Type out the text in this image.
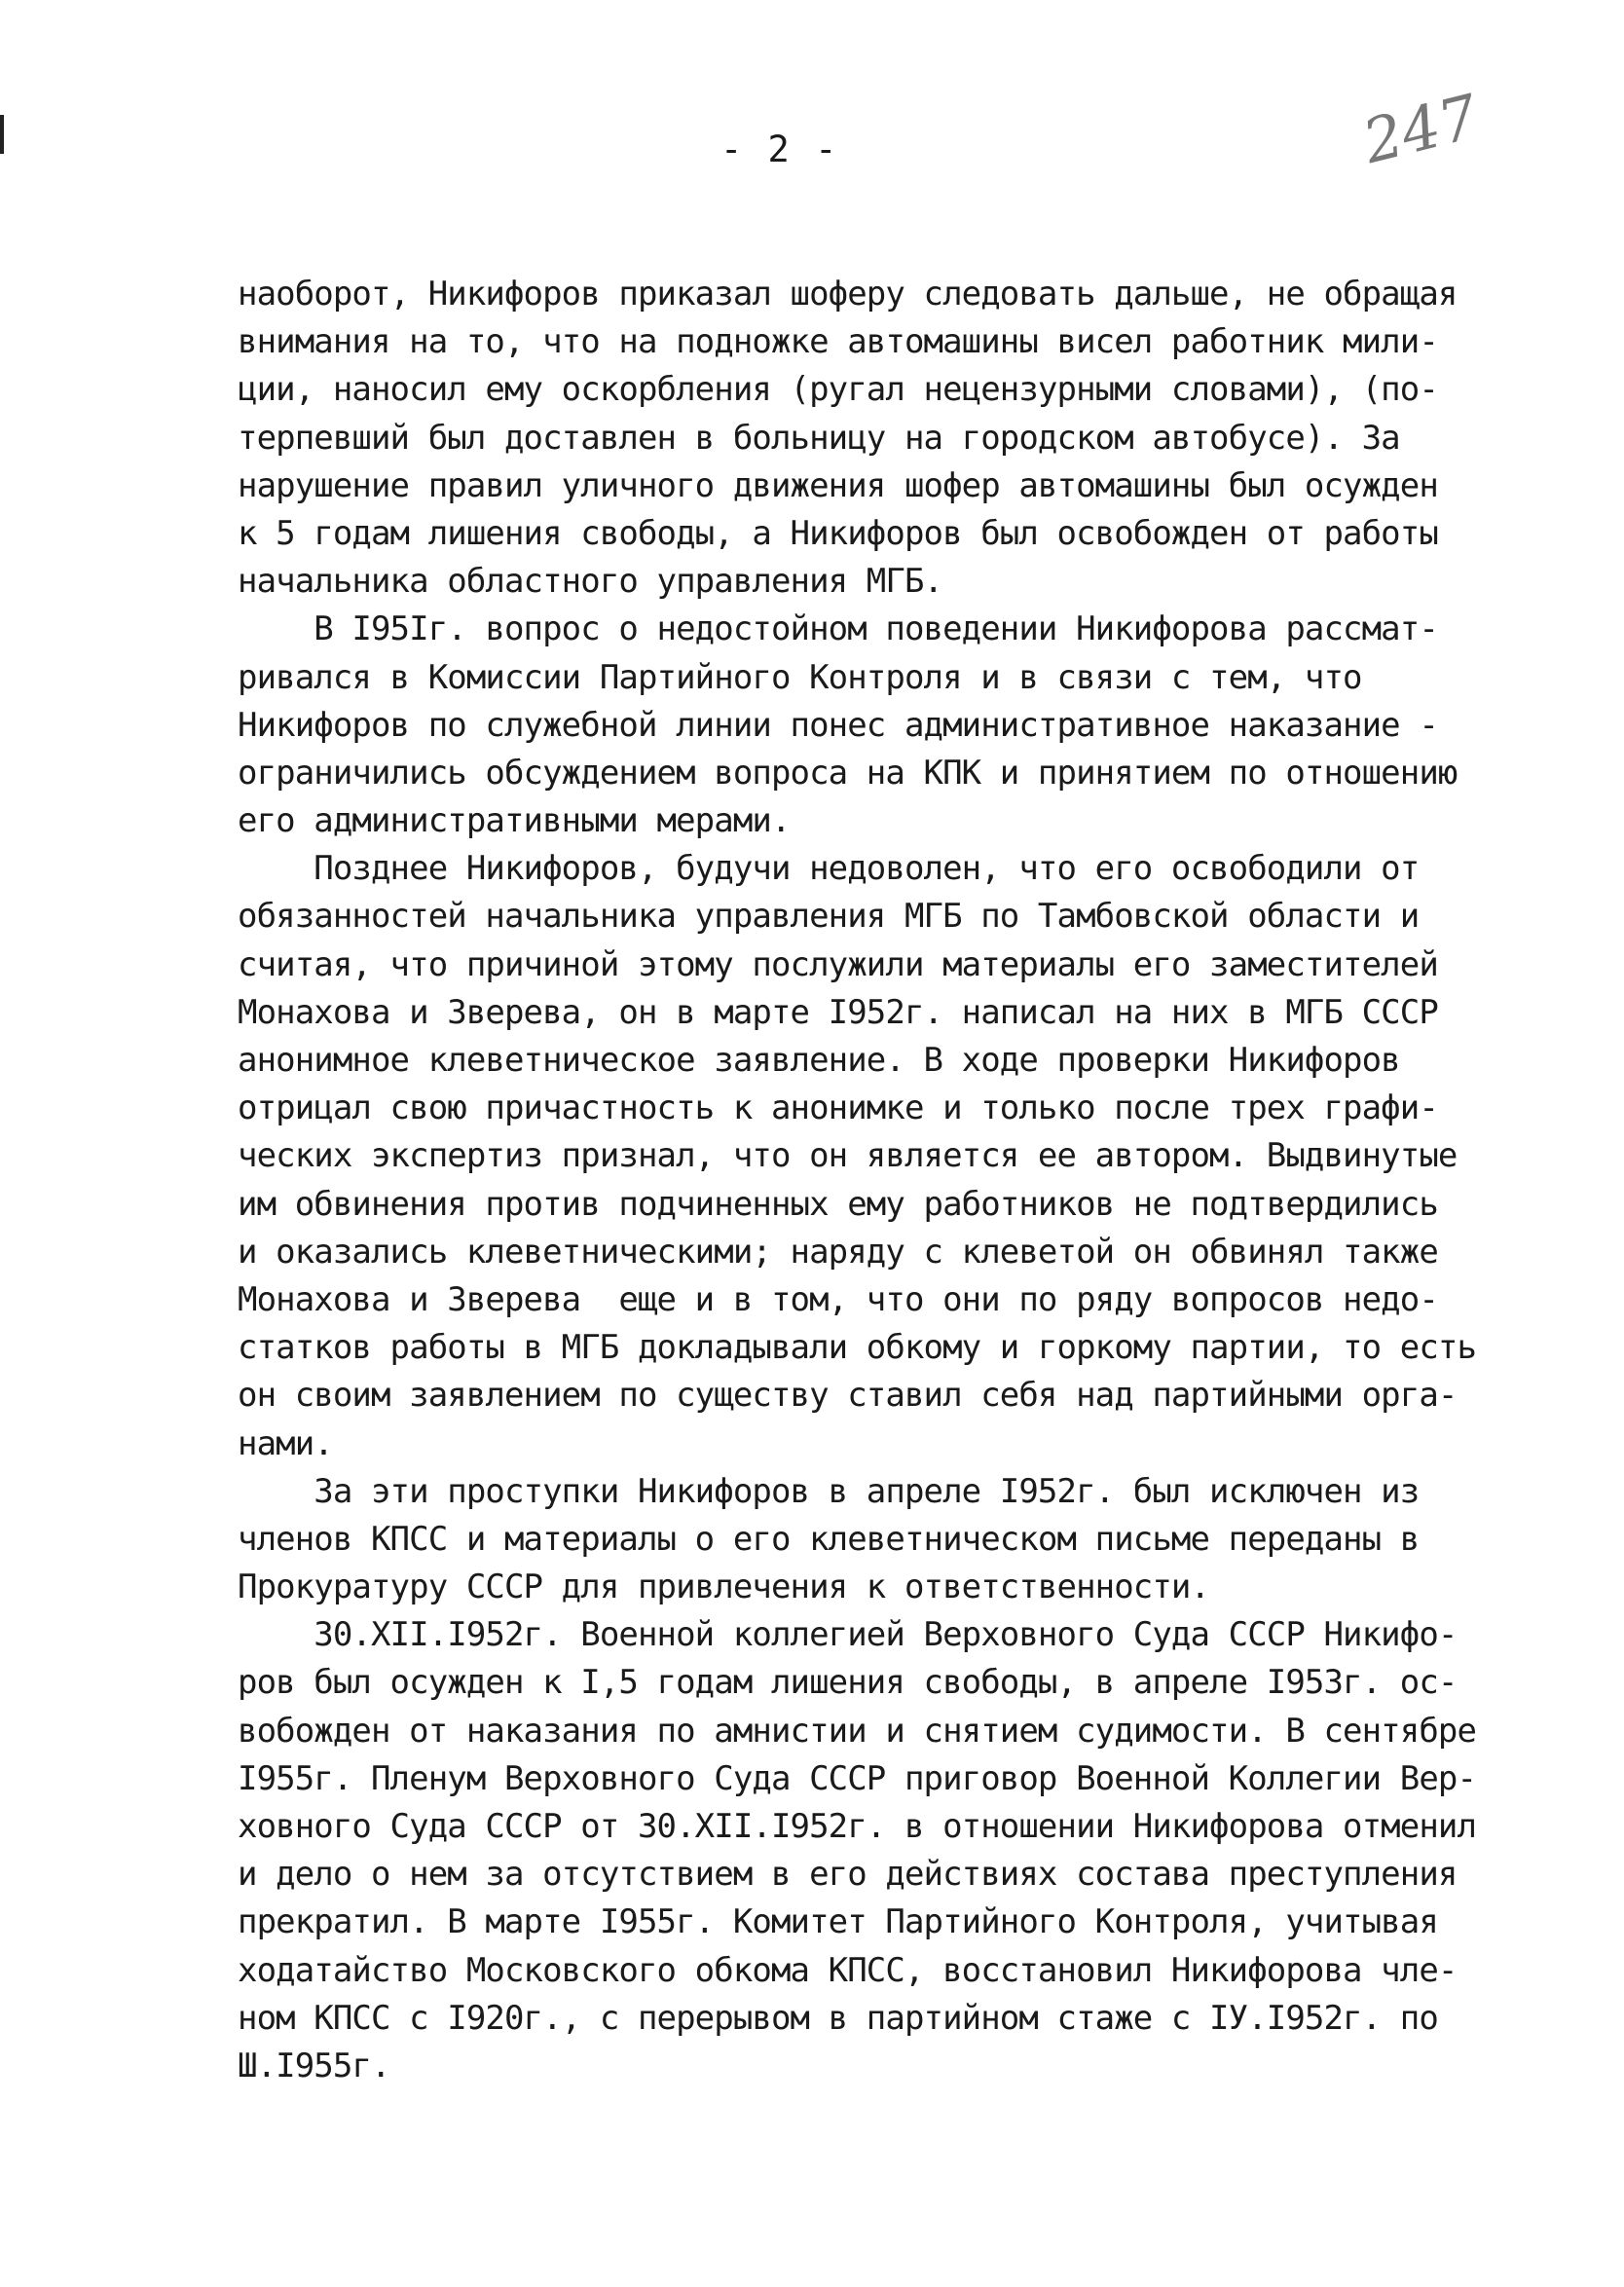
- 2 -	247
наоборот, Никифоров приказал шоферу следовать дальше, не обращая
внимания на то, что на подножке автомашины висел работник мили-
ции, наносил ему оскорбления (ругал нецензурными словами), (по-
терпевший был доставлен в больницу на городском автобусе). За
нарушение правил уличного движения шофер автомашины был осужден
к 5 годам лишения свободы, а Никифоров был освобожден от работы
начальника областного управления МГБ.
В I95Iг. вопрос о недостойном поведении Никифорова рассмат-
ривался в Комиссии Партийного Контроля и в связи с тем, что
Никифоров по служебной линии понес административное наказание -
ограничились обсуждением вопроса на КПК и принятием по отношению
его административными мерами.
Позднее Никифоров, будучи недоволен, что его освободили от
обязанностей начальника управления МГБ по Тамбовской области и
считая, что причиной этому послужили материалы его заместителей
Монахова и Зверева, он в марте I952г. написал на них в МГБ СССР
анонимное клеветническое заявление. В ходе проверки Никифоров
отрицал свою причастность к анонимке и только после трех графи-
ческих экспертиз признал, что он является ее автором. Выдвинутые
им обвинения против подчиненных ему работников не подтвердились
и оказались клеветническими; наряду с клеветой он обвинял также
Монахова и Зверева  еще и в том, что они по ряду вопросов недо-
статков работы в МГБ докладывали обкому и горкому партии, то есть
он своим заявлением по существу ставил себя над партийными орга-
нами.
За эти проступки Никифоров в апреле I952г. был исключен из
членов КПСС и материалы о его клеветническом письме переданы в
Прокуратуру СССР для привлечения к ответственности.
30.XII.I952г. Военной коллегией Верховного Суда СССР Никифо-
ров был осужден к I,5 годам лишения свободы, в апреле I953г. ос-
вобожден от наказания по амнистии и снятием судимости. В сентябре
I955г. Пленум Верховного Суда СССР приговор Военной Коллегии Вер-
ховного Суда СССР от 30.XII.I952г. в отношении Никифорова отменил
и дело о нем за отсутствием в его действиях состава преступления
прекратил. В марте I955г. Комитет Партийного Контроля, учитывая
ходатайство Московского обкома КПСС, восстановил Никифорова чле-
ном КПСС с I920г., с перерывом в партийном стаже с IУ.I952г. по
Ш.I955г.
